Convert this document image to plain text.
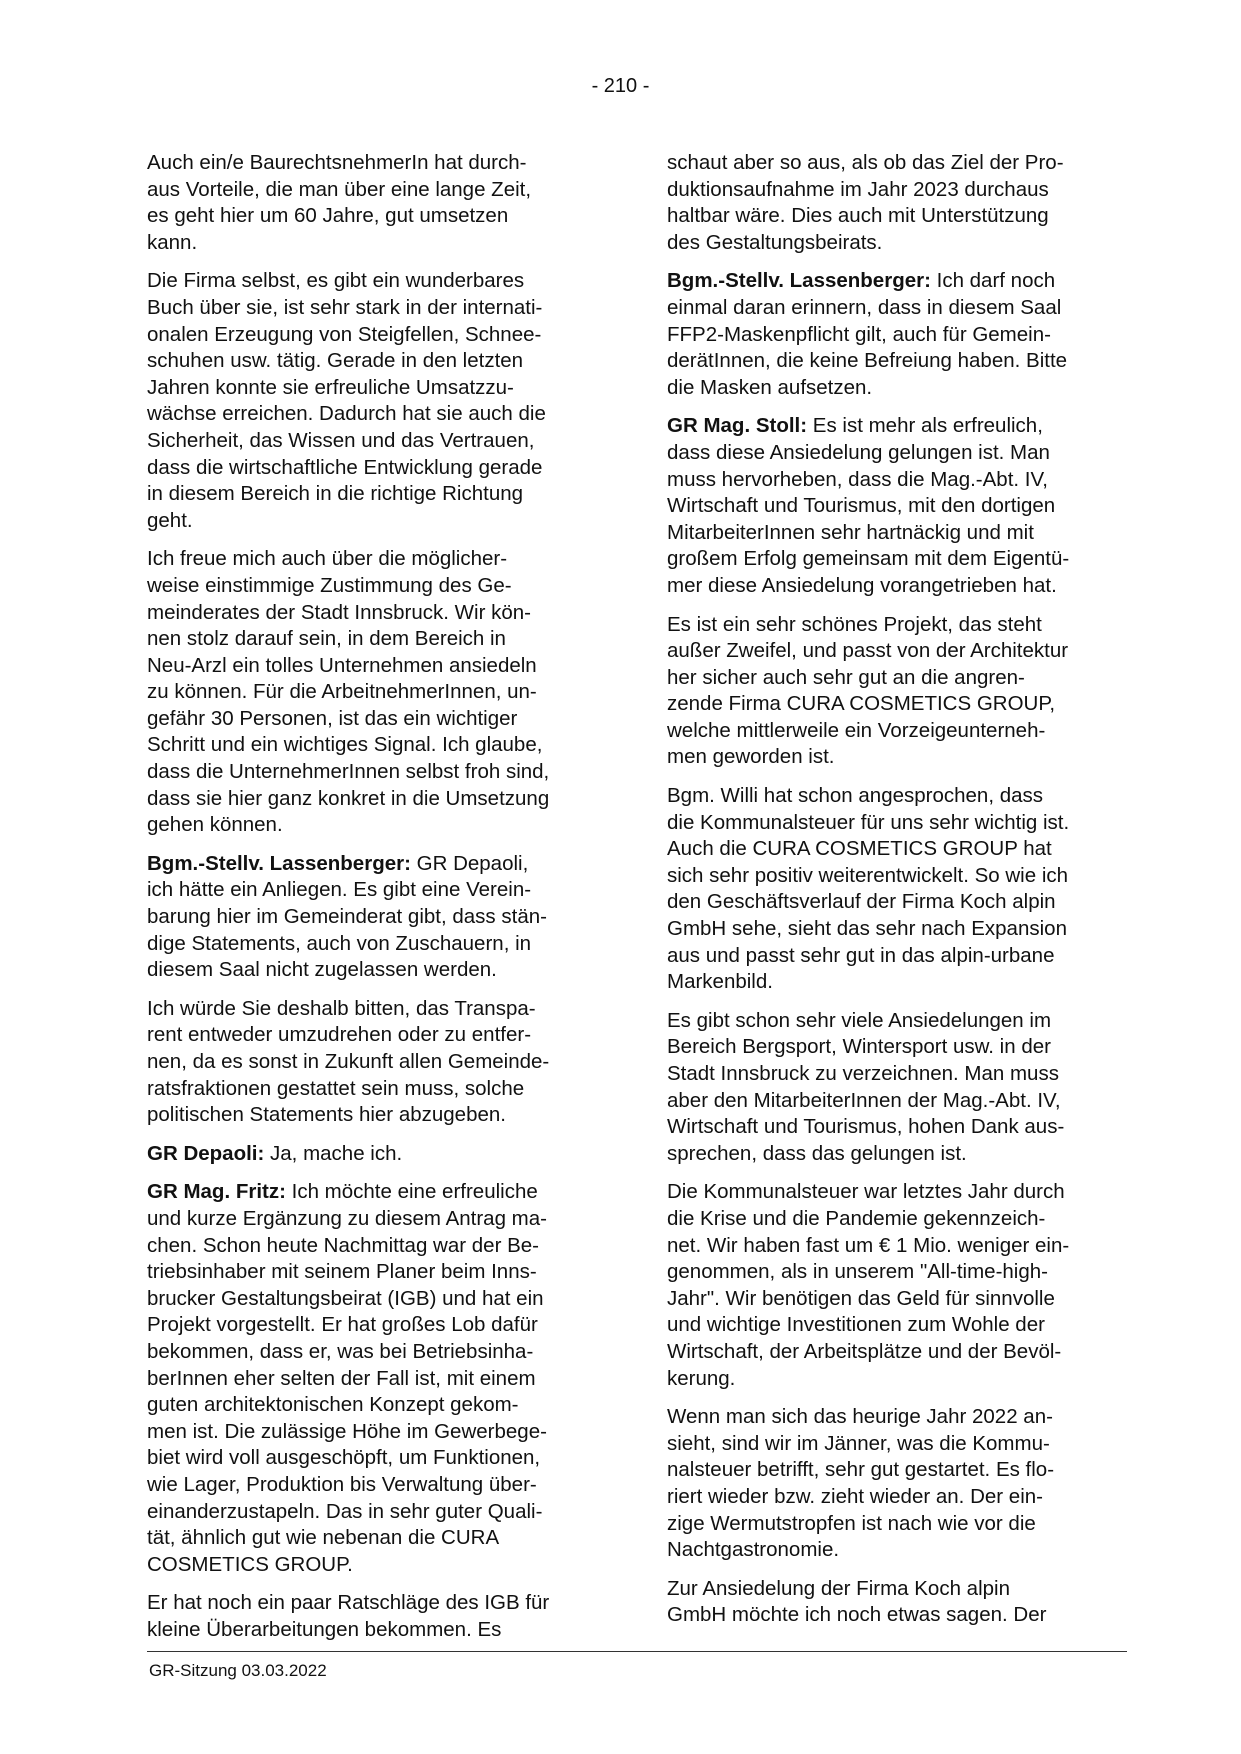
- 210 -

Auch ein/e BaurechtsnehmerIn hat durch-
aus Vorteile, die man über eine lange Zeit,
es geht hier um 60 Jahre, gut umsetzen
kann.

Die Firma selbst, es gibt ein wunderbares
Buch über sie, ist sehr stark in der internati-
onalen Erzeugung von Steigfellen, Schnee-
schuhen usw. tätig. Gerade in den letzten
Jahren konnte sie erfreuliche Umsatzzu-
wächse erreichen. Dadurch hat sie auch die
Sicherheit, das Wissen und das Vertrauen,
dass die wirtschaftliche Entwicklung gerade
in diesem Bereich in die richtige Richtung
geht.

Ich freue mich auch über die möglicher-
weise einstimmige Zustimmung des Ge-
meinderates der Stadt Innsbruck. Wir kön-
nen stolz darauf sein, in dem Bereich in
Neu-Arzl ein tolles Unternehmen ansiedeln
zu können. Für die ArbeitnehmerInnen, un-
gefähr 30 Personen, ist das ein wichtiger
Schritt und ein wichtiges Signal. Ich glaube,
dass die UnternehmerInnen selbst froh sind,
dass sie hier ganz konkret in die Umsetzung
gehen können.

Bgm.-Stellv. Lassenberger: GR Depaoli,
ich hätte ein Anliegen. Es gibt eine Verein-
barung hier im Gemeinderat gibt, dass stän-
dige Statements, auch von Zuschauern, in
diesem Saal nicht zugelassen werden.

Ich würde Sie deshalb bitten, das Transpa-
rent entweder umzudrehen oder zu entfer-
nen, da es sonst in Zukunft allen Gemeinde-
ratsfraktionen gestattet sein muss, solche
politischen Statements hier abzugeben.

GR Depaoli: Ja, mache ich.

GR Mag. Fritz: Ich möchte eine erfreuliche
und kurze Ergänzung zu diesem Antrag ma-
chen. Schon heute Nachmittag war der Be-
triebsinhaber mit seinem Planer beim Inns-
brucker Gestaltungsbeirat (IGB) und hat ein
Projekt vorgestellt. Er hat großes Lob dafür
bekommen, dass er, was bei Betriebsinha-
berInnen eher selten der Fall ist, mit einem
guten architektonischen Konzept gekom-
men ist. Die zulässige Höhe im Gewerbege-
biet wird voll ausgeschöpft, um Funktionen,
wie Lager, Produktion bis Verwaltung über-
einanderzustapeln. Das in sehr guter Quali-
tät, ähnlich gut wie nebenan die CURA
COSMETICS GROUP.

Er hat noch ein paar Ratschläge des IGB für
kleine Überarbeitungen bekommen. Es

schaut aber so aus, als ob das Ziel der Pro-
duktionsaufnahme im Jahr 2023 durchaus
haltbar wäre. Dies auch mit Unterstützung
des Gestaltungsbeirats.

Bgm.-Stellv. Lassenberger: Ich darf noch
einmal daran erinnern, dass in diesem Saal
FFP2-Maskenpflicht gilt, auch für Gemein-
derätInnen, die keine Befreiung haben. Bitte
die Masken aufsetzen.

GR Mag. Stoll: Es ist mehr als erfreulich,
dass diese Ansiedelung gelungen ist. Man
muss hervorheben, dass die Mag.-Abt. IV,
Wirtschaft und Tourismus, mit den dortigen
MitarbeiterInnen sehr hartnäckig und mit
großem Erfolg gemeinsam mit dem Eigentü-
mer diese Ansiedelung vorangetrieben hat.

Es ist ein sehr schönes Projekt, das steht
außer Zweifel, und passt von der Architektur
her sicher auch sehr gut an die angren-
zende Firma CURA COSMETICS GROUP,
welche mittlerweile ein Vorzeigeunterneh-
men geworden ist.

Bgm. Willi hat schon angesprochen, dass
die Kommunalsteuer für uns sehr wichtig ist.
Auch die CURA COSMETICS GROUP hat
sich sehr positiv weiterentwickelt. So wie ich
den Geschäftsverlauf der Firma Koch alpin
GmbH sehe, sieht das sehr nach Expansion
aus und passt sehr gut in das alpin-urbane
Markenbild.

Es gibt schon sehr viele Ansiedelungen im
Bereich Bergsport, Wintersport usw. in der
Stadt Innsbruck zu verzeichnen. Man muss
aber den MitarbeiterInnen der Mag.-Abt. IV,
Wirtschaft und Tourismus, hohen Dank aus-
sprechen, dass das gelungen ist.

Die Kommunalsteuer war letztes Jahr durch
die Krise und die Pandemie gekennzeich-
net. Wir haben fast um € 1 Mio. weniger ein-
genommen, als in unserem "All-time-high-
Jahr". Wir benötigen das Geld für sinnvolle
und wichtige Investitionen zum Wohle der
Wirtschaft, der Arbeitsplätze und der Bevöl-
kerung.

Wenn man sich das heurige Jahr 2022 an-
sieht, sind wir im Jänner, was die Kommu-
nalsteuer betrifft, sehr gut gestartet. Es flo-
riert wieder bzw. zieht wieder an. Der ein-
zige Wermutstropfen ist nach wie vor die
Nachtgastronomie.

Zur Ansiedelung der Firma Koch alpin
GmbH möchte ich noch etwas sagen. Der

GR-Sitzung 03.03.2022
